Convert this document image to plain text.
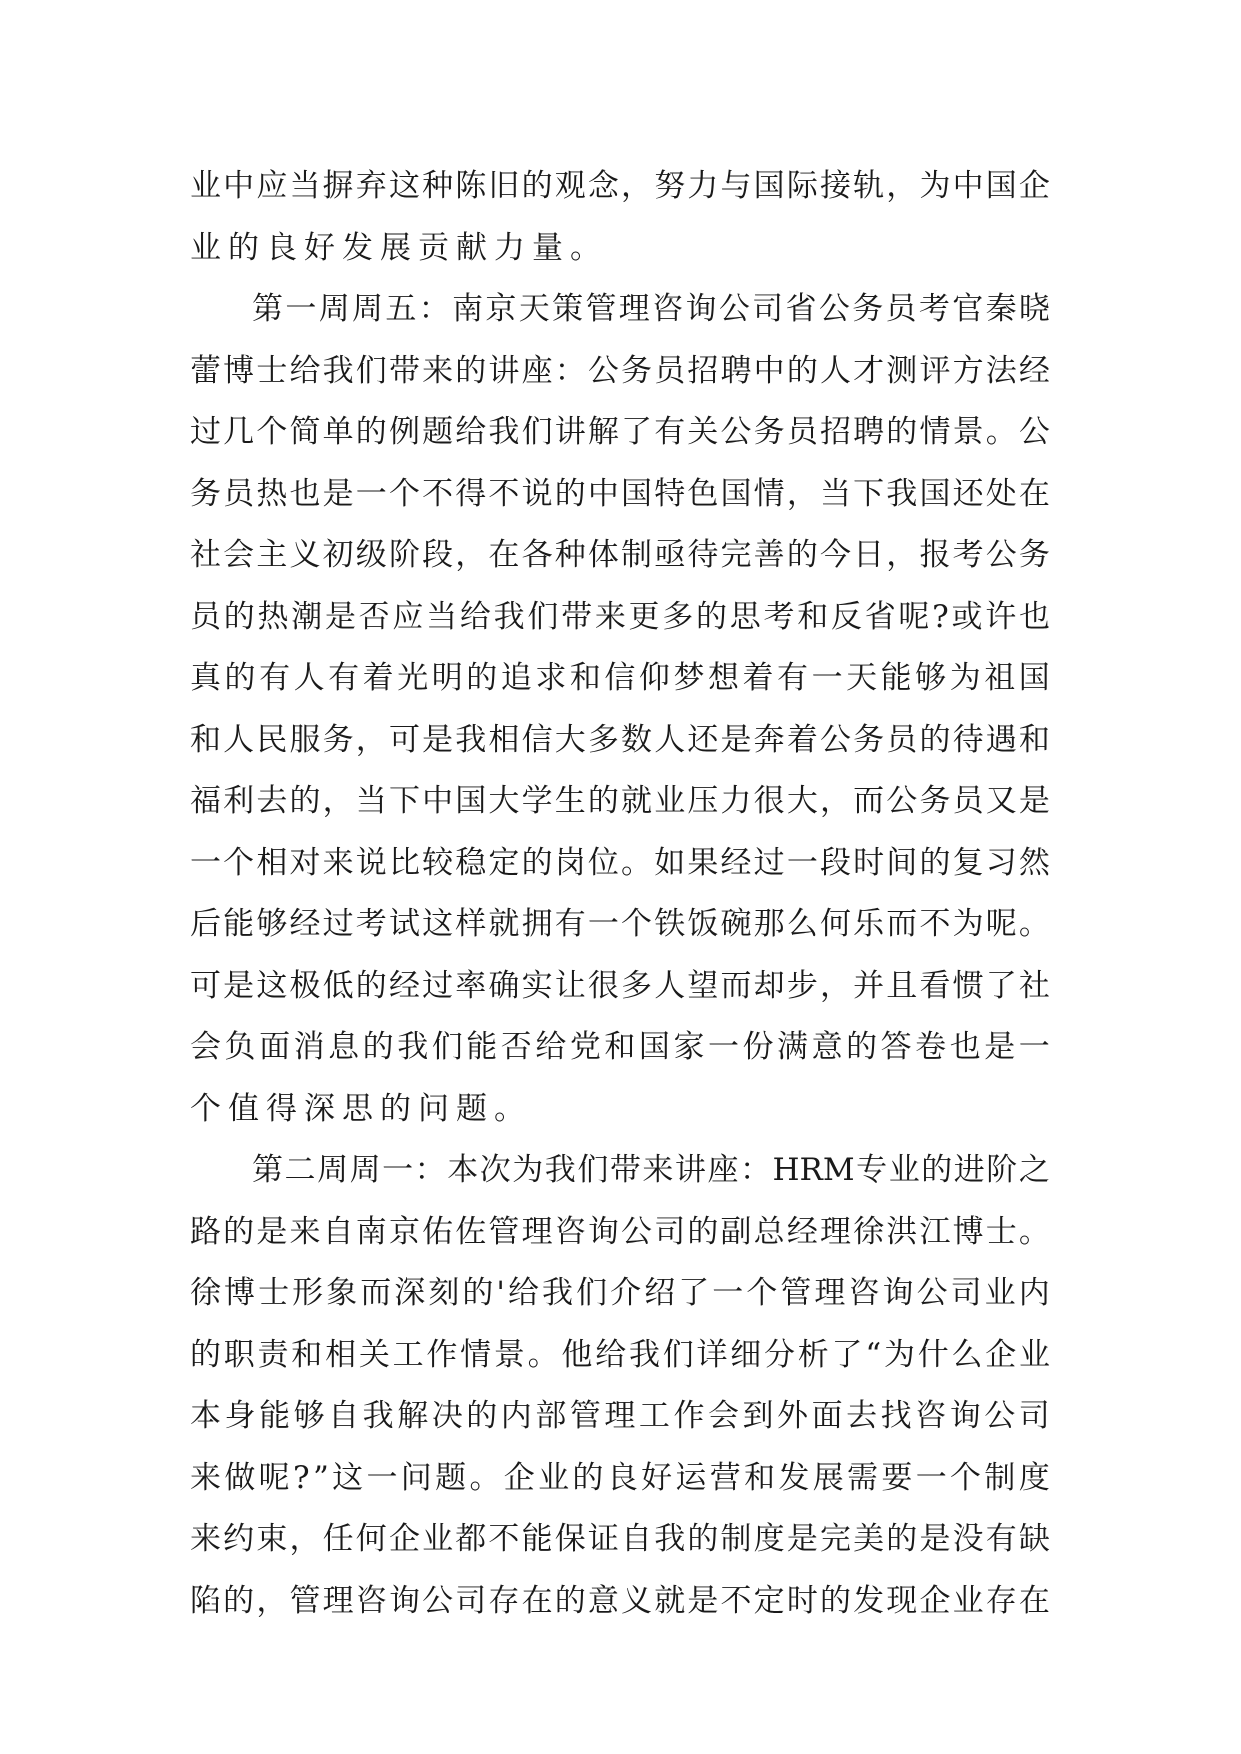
业 中 应 当 摒 弃 这 种 陈 旧 的 观 念 ， 努 力 与 国 际 接 轨 ， 为 中 国 企
业 的 良 好 发 展 贡 献 力 量 。
第 一 周 周 五 ： 南 京 天 策 管 理 咨 询 公 司 省 公 务 员 考 官 秦 晓
蕾 博 士 给 我 们 带 来 的 讲 座 ： 公 务 员 招 聘 中 的 人 才 测 评 方 法 经
过 几 个 简 单 的 例 题 给 我 们 讲 解 了 有 关 公 务 员 招 聘 的 情 景 。 公
务 员 热 也 是 一 个 不 得 不 说 的 中 国 特 色 国 情 ， 当 下 我 国 还 处 在
社 会 主 义 初 级 阶 段 ， 在 各 种 体 制 亟 待 完 善 的 今 日 ， 报 考 公 务
员 的 热 潮 是 否 应 当 给 我 们 带 来 更 多 的 思 考 和 反 省 呢 ? 或 许 也
真 的 有 人 有 着 光 明 的 追 求 和 信 仰 梦 想 着 有 一 天 能 够 为 祖 国
和 人 民 服 务 ， 可 是 我 相 信 大 多 数 人 还 是 奔 着 公 务 员 的 待 遇 和
福 利 去 的 ， 当 下 中 国 大 学 生 的 就 业 压 力 很 大 ， 而 公 务 员 又 是
一 个 相 对 来 说 比 较 稳 定 的 岗 位 。 如 果 经 过 一 段 时 间 的 复 习 然
后 能 够 经 过 考 试 这 样 就 拥 有 一 个 铁 饭 碗 那 么 何 乐 而 不 为 呢 。
可 是 这 极 低 的 经 过 率 确 实 让 很 多 人 望 而 却 步 ， 并 且 看 惯 了 社
会 负 面 消 息 的 我 们 能 否 给 党 和 国 家 一 份 满 意 的 答 卷 也 是 一
个 值 得 深 思 的 问 题 。
第 二 周 周 一 ： 本 次 为 我 们 带 来 讲 座 ： HRM 专 业 的 进 阶 之
路 的 是 来 自 南 京 佑 佐 管 理 咨 询 公 司 的 副 总 经 理 徐 洪 江 博 士 。
徐 博 士 形 象 而 深 刻 的 ' 给 我 们 介 绍 了 一 个 管 理 咨 询 公 司 业 内
的 职 责 和 相 关 工 作 情 景 。 他 给 我 们 详 细 分 析 了 “ 为 什 么 企 业
本 身 能 够 自 我 解 决 的 内 部 管 理 工 作 会 到 外 面 去 找 咨 询 公 司
来 做 呢 ? ” 这 一 问 题 。 企 业 的 良 好 运 营 和 发 展 需 要 一 个 制 度
来 约 束 ， 任 何 企 业 都 不 能 保 证 自 我 的 制 度 是 完 美 的 是 没 有 缺
陷 的 ， 管 理 咨 询 公 司 存 在 的 意 义 就 是 不 定 时 的 发 现 企 业 存 在
